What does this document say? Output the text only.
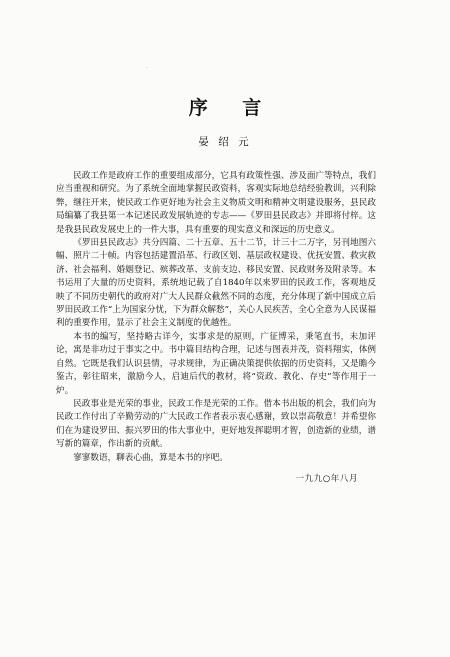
·
序 言
晏 绍 元

民政工作是政府工作的重要组成部分，它具有政策性强、涉及面广等特点，我们应当重视和研究。为了系统全面地掌握民政资料，客观实际地总结经验教训，兴利除弊，继往开来，使民政工作更好地为社会主义物质文明和精神文明建设服务，县民政局编纂了我县第一本记述民政发展轨迹的专志——《罗田县民政志》并即将付梓。这是我县民政发展史上的一件大事，具有重要的现实意义和深远的历史意义。

《罗田县民政志》共分四篇、二十五章、五十二节，计三十二万字，另刊地图六幅、照片二十帧。内容包括建置沿革、行政区划、基层政权建设、优抚安置、救灾救济、社会福利、婚姻登记、殡葬改革、支前支边、移民安置、民政财务及附录等。本书运用了大量的历史资料，系统地记载了自1840年以来罗田的民政工作，客观地反映了不同历史朝代的政府对广大人民群众截然不同的态度，充分体现了新中国成立后罗田民政工作“上为国家分忧，下为群众解愁”，关心人民疾苦，全心全意为人民谋福利的重要作用，显示了社会主义制度的优越性。

本书的编写，坚持略古详今，实事求是的原则，广征博采，秉笔直书，未加评论，寓是非功过于事实之中。书中篇目结构合理，记述与图表并茂，资料翔实，体例自然。它既是我们认识县情，寻求规律，为正确决策提供依据的历史资料，又是瞻今鉴古，彰往昭来，激励今人，启迪后代的教材，将“资政、教化、存史”等作用于一炉。

民政事业是光荣的事业，民政工作是光荣的工作。借本书出版的机会，我们向为民政工作付出了辛勤劳动的广大民政工作者表示衷心感谢，致以崇高敬意！并希望你们在为建设罗田、振兴罗田的伟大事业中，更好地发挥聪明才智，创造新的业绩，谱写新的篇章，作出新的贡献。

寥寥数语，聊表心曲，算是本书的序吧。

一九九○年八月
